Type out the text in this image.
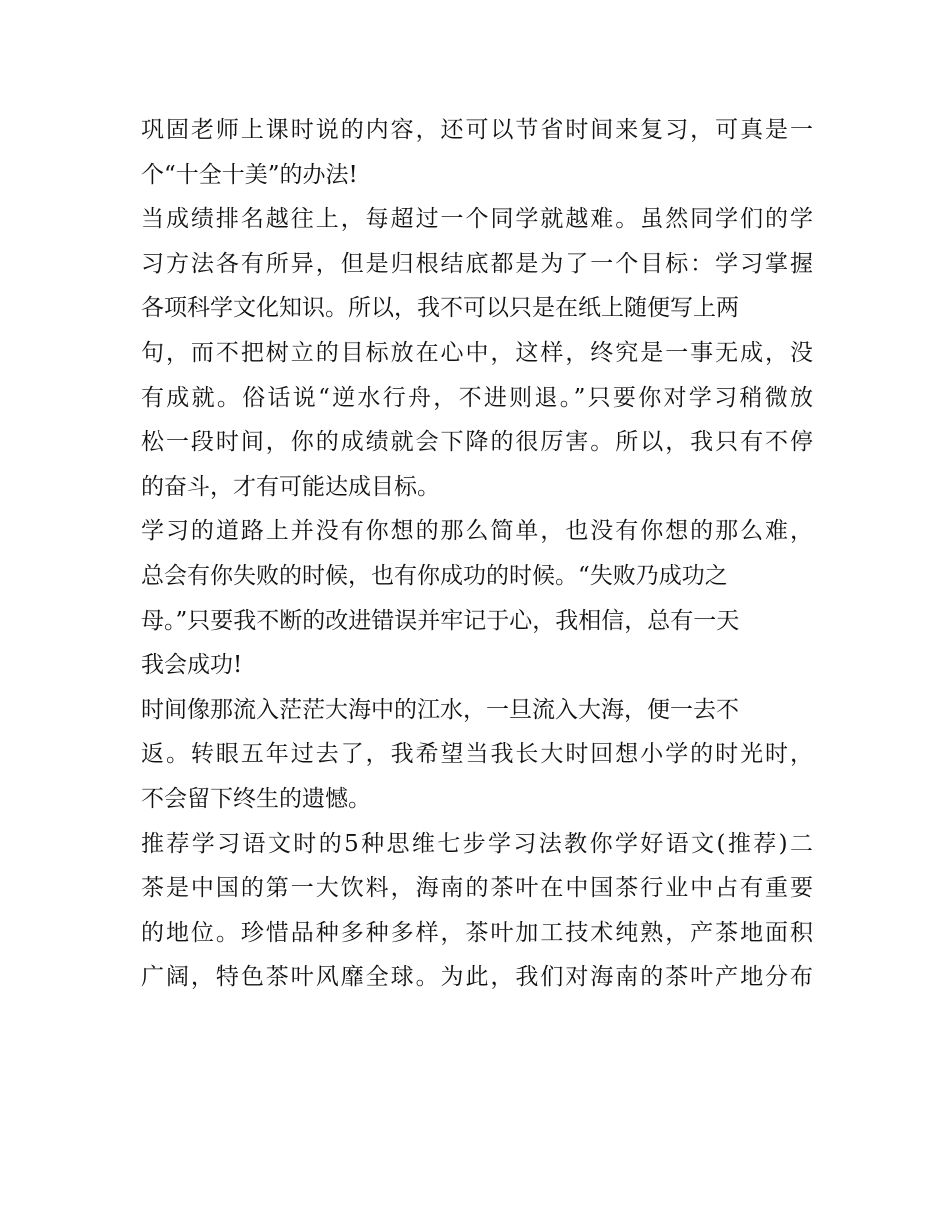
巩固老师上课时说的内容，还可以节省时间来复习，可真是一
个“十全十美”的办法!
当成绩排名越往上，每超过一个同学就越难。虽然同学们的学
习方法各有所异，但是归根结底都是为了一个目标：学习掌握
各项科学文化知识。所以，我不可以只是在纸上随便写上两
句，而不把树立的目标放在心中，这样，终究是一事无成，没
有成就。俗话说“逆水行舟，不进则退。”只要你对学习稍微放
松一段时间，你的成绩就会下降的很厉害。所以，我只有不停
的奋斗，才有可能达成目标。
学习的道路上并没有你想的那么简单，也没有你想的那么难，
总会有你失败的时候，也有你成功的时候。“失败乃成功之
母。”只要我不断的改进错误并牢记于心，我相信，总有一天
我会成功!
时间像那流入茫茫大海中的江水，一旦流入大海，便一去不
返。转眼五年过去了，我希望当我长大时回想小学的时光时，
不会留下终生的遗憾。
推荐学习语文时的5种思维七步学习法教你学好语文(推荐)二
茶是中国的第一大饮料，海南的茶叶在中国茶行业中占有重要
的地位。珍惜品种多种多样，茶叶加工技术纯熟，产茶地面积
广阔，特色茶叶风靡全球。为此，我们对海南的茶叶产地分布
